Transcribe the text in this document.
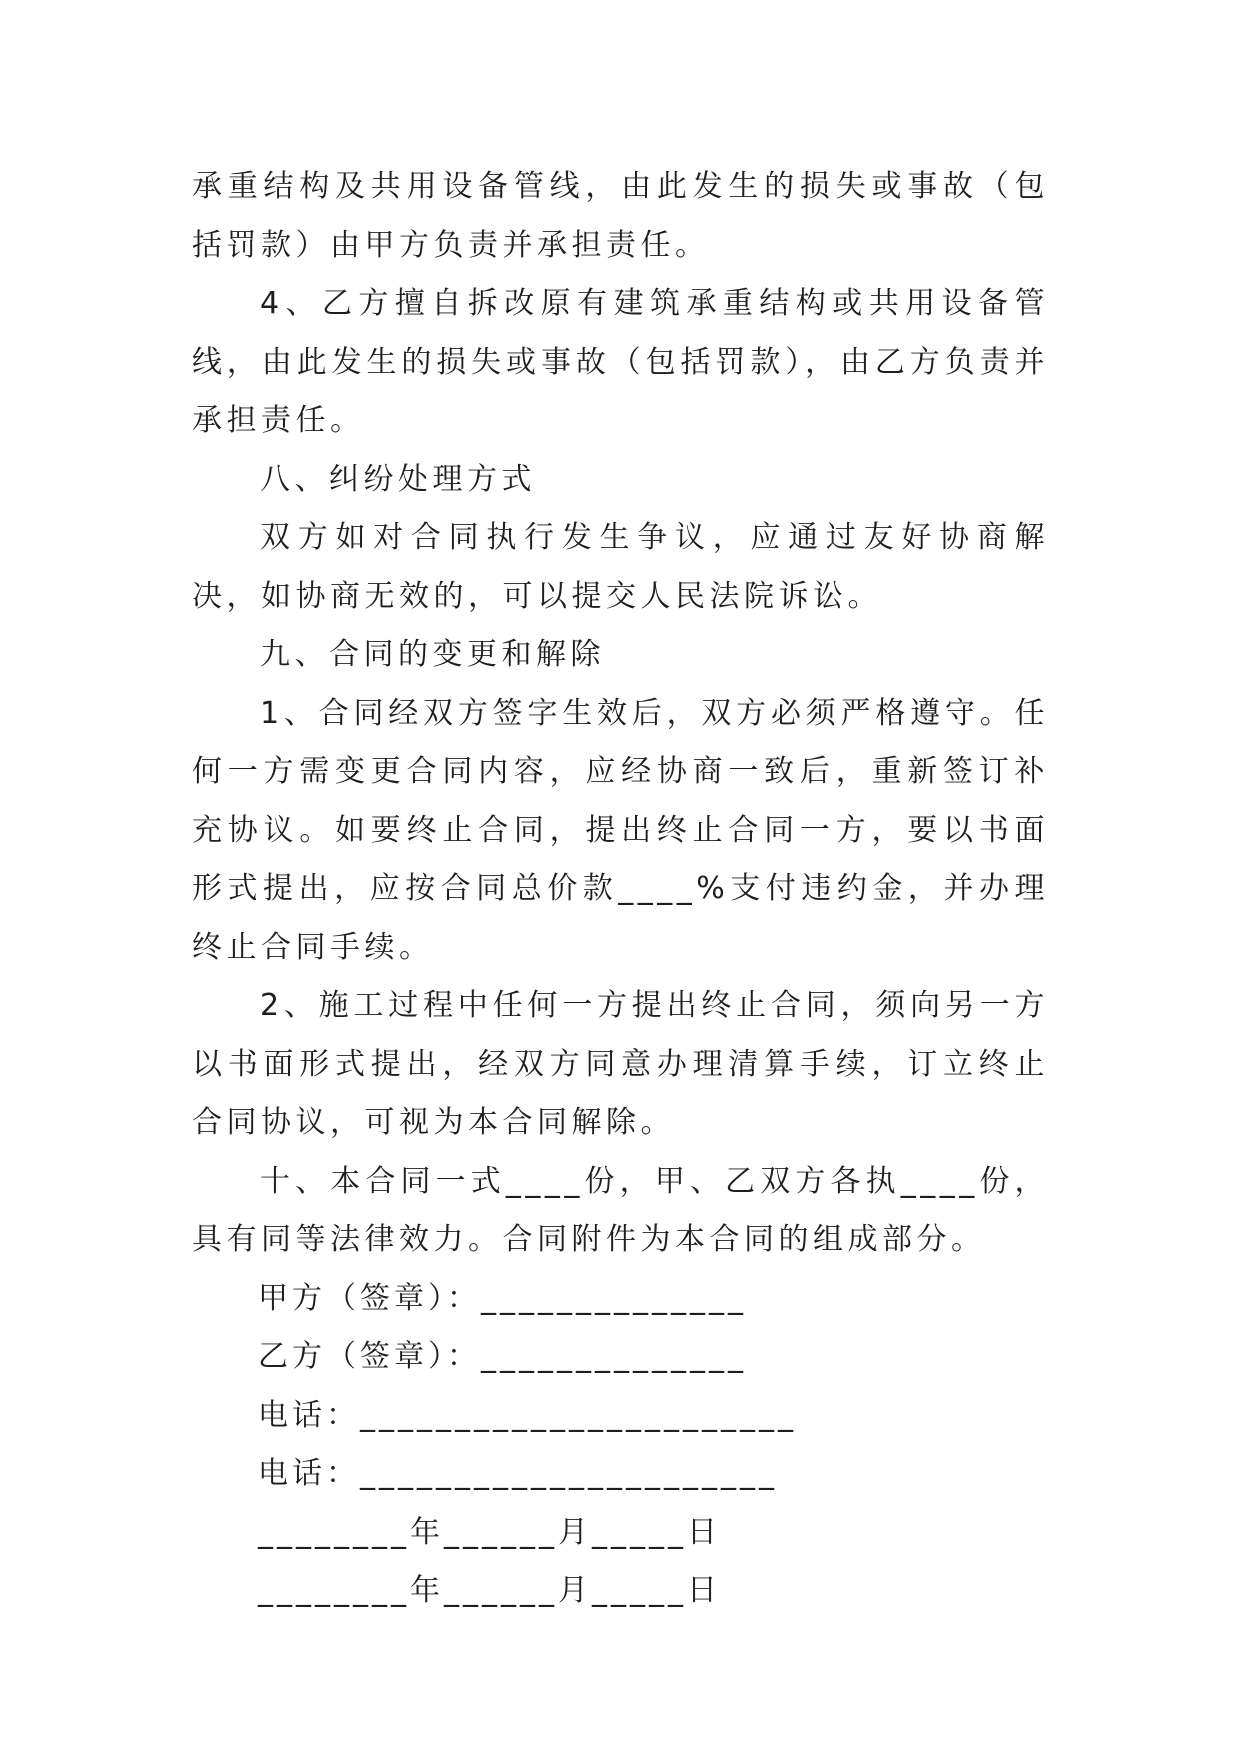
承重结构及共用设备管线，由此发生的损失或事故（包括罚款）由甲方负责并承担责任。

4、乙方擅自拆改原有建筑承重结构或共用设备管线，由此发生的损失或事故（包括罚款），由乙方负责并承担责任。

八、纠纷处理方式

双方如对合同执行发生争议，应通过友好协商解决，如协商无效的，可以提交人民法院诉讼。

九、合同的变更和解除

1、合同经双方签字生效后，双方必须严格遵守。任何一方需变更合同内容，应经协商一致后，重新签订补充协议。如要终止合同，提出终止合同一方，要以书面形式提出，应按合同总价款____%支付违约金，并办理终止合同手续。

2、施工过程中任何一方提出终止合同，须向另一方以书面形式提出，经双方同意办理清算手续，订立终止合同协议，可视为本合同解除。

十、本合同一式____份，甲、乙双方各执____份，具有同等法律效力。合同附件为本合同的组成部分。

甲方（签章）：______________

乙方（签章）：______________

电话：_______________________

电话：______________________

________年______月_____日

________年______月_____日
